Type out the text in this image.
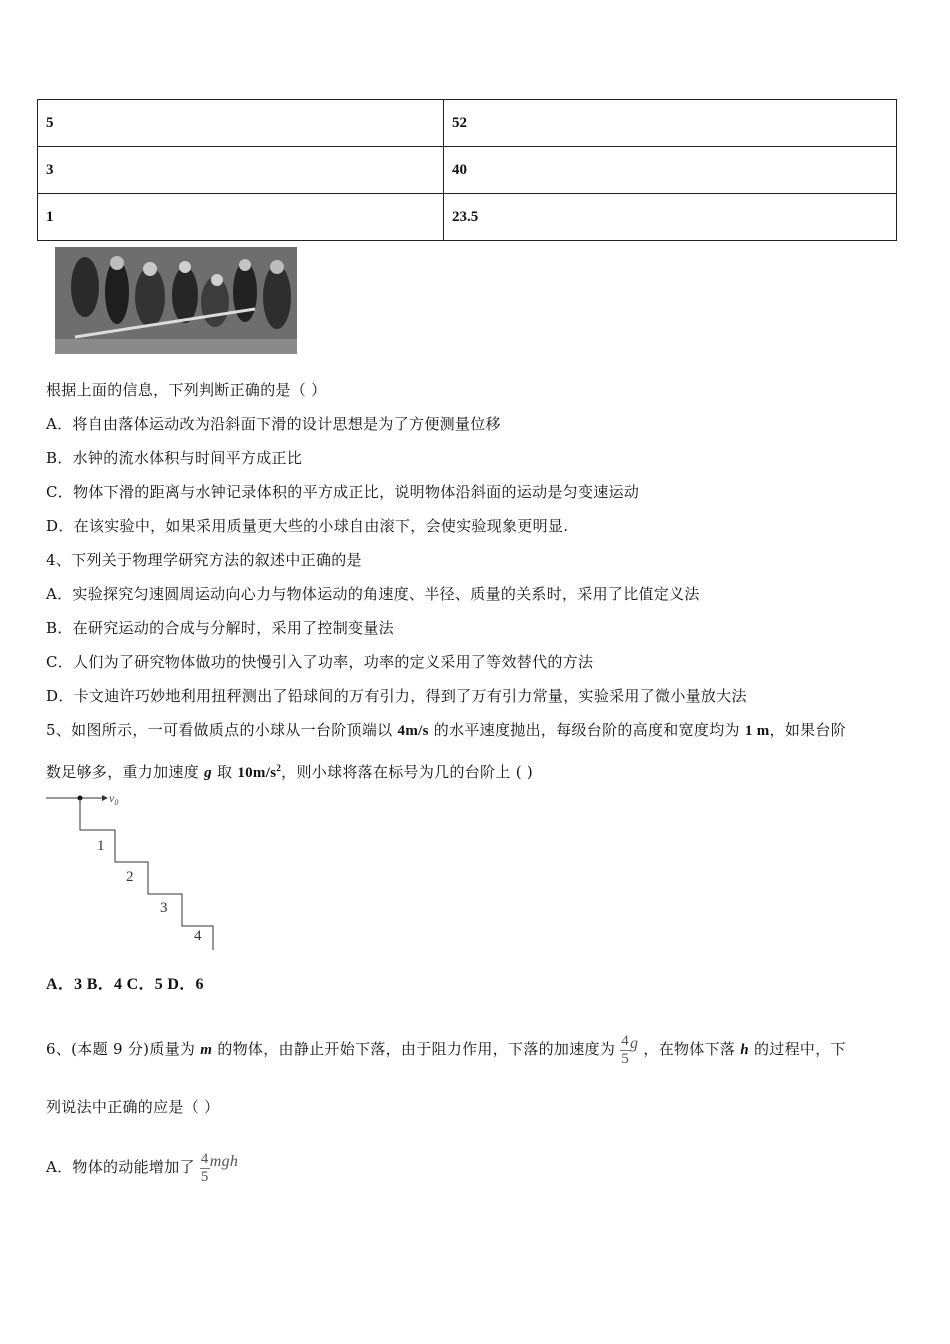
5	52
3	40
1	23.5
根据上面的信息，下列判断正确的是（ ）
A．将自由落体运动改为沿斜面下滑的设计思想是为了方便测量位移
B．水钟的流水体积与时间平方成正比
C．物体下滑的距离与水钟记录体积的平方成正比，说明物体沿斜面的运动是匀变速运动
D．在该实验中，如果采用质量更大些的小球自由滚下，会使实验现象更明显.
4、下列关于物理学研究方法的叙述中正确的是
A．实验探究匀速圆周运动向心力与物体运动的角速度、半径、质量的关系时，采用了比值定义法
B．在研究运动的合成与分解时，采用了控制变量法
C．人们为了研究物体做功的快慢引入了功率，功率的定义采用了等效替代的方法
D．卡文迪许巧妙地利用扭秤测出了铅球间的万有引力，得到了万有引力常量，实验采用了微小量放大法
5、如图所示，一可看做质点的小球从一台阶顶端以 4m/s 的水平速度抛出，每级台阶的高度和宽度均为 1 m，如果台阶
数足够多，重力加速度 g 取 $10m/s^2$，则小球将落在标号为几的台阶上 ( )
$v_0$
1
2
3
4
A．3 B．4 C．5 D．6
6、(本题 9 分)质量为 m 的物体，由静止开始下落，由于阻力作用，下落的加速度为 $\frac{4}{5}$ g ，在物体下落 h 的过程中，下
列说法中正确的应是（ ）
A．物体的动能增加了 $\frac{4}{5}$ mgh
